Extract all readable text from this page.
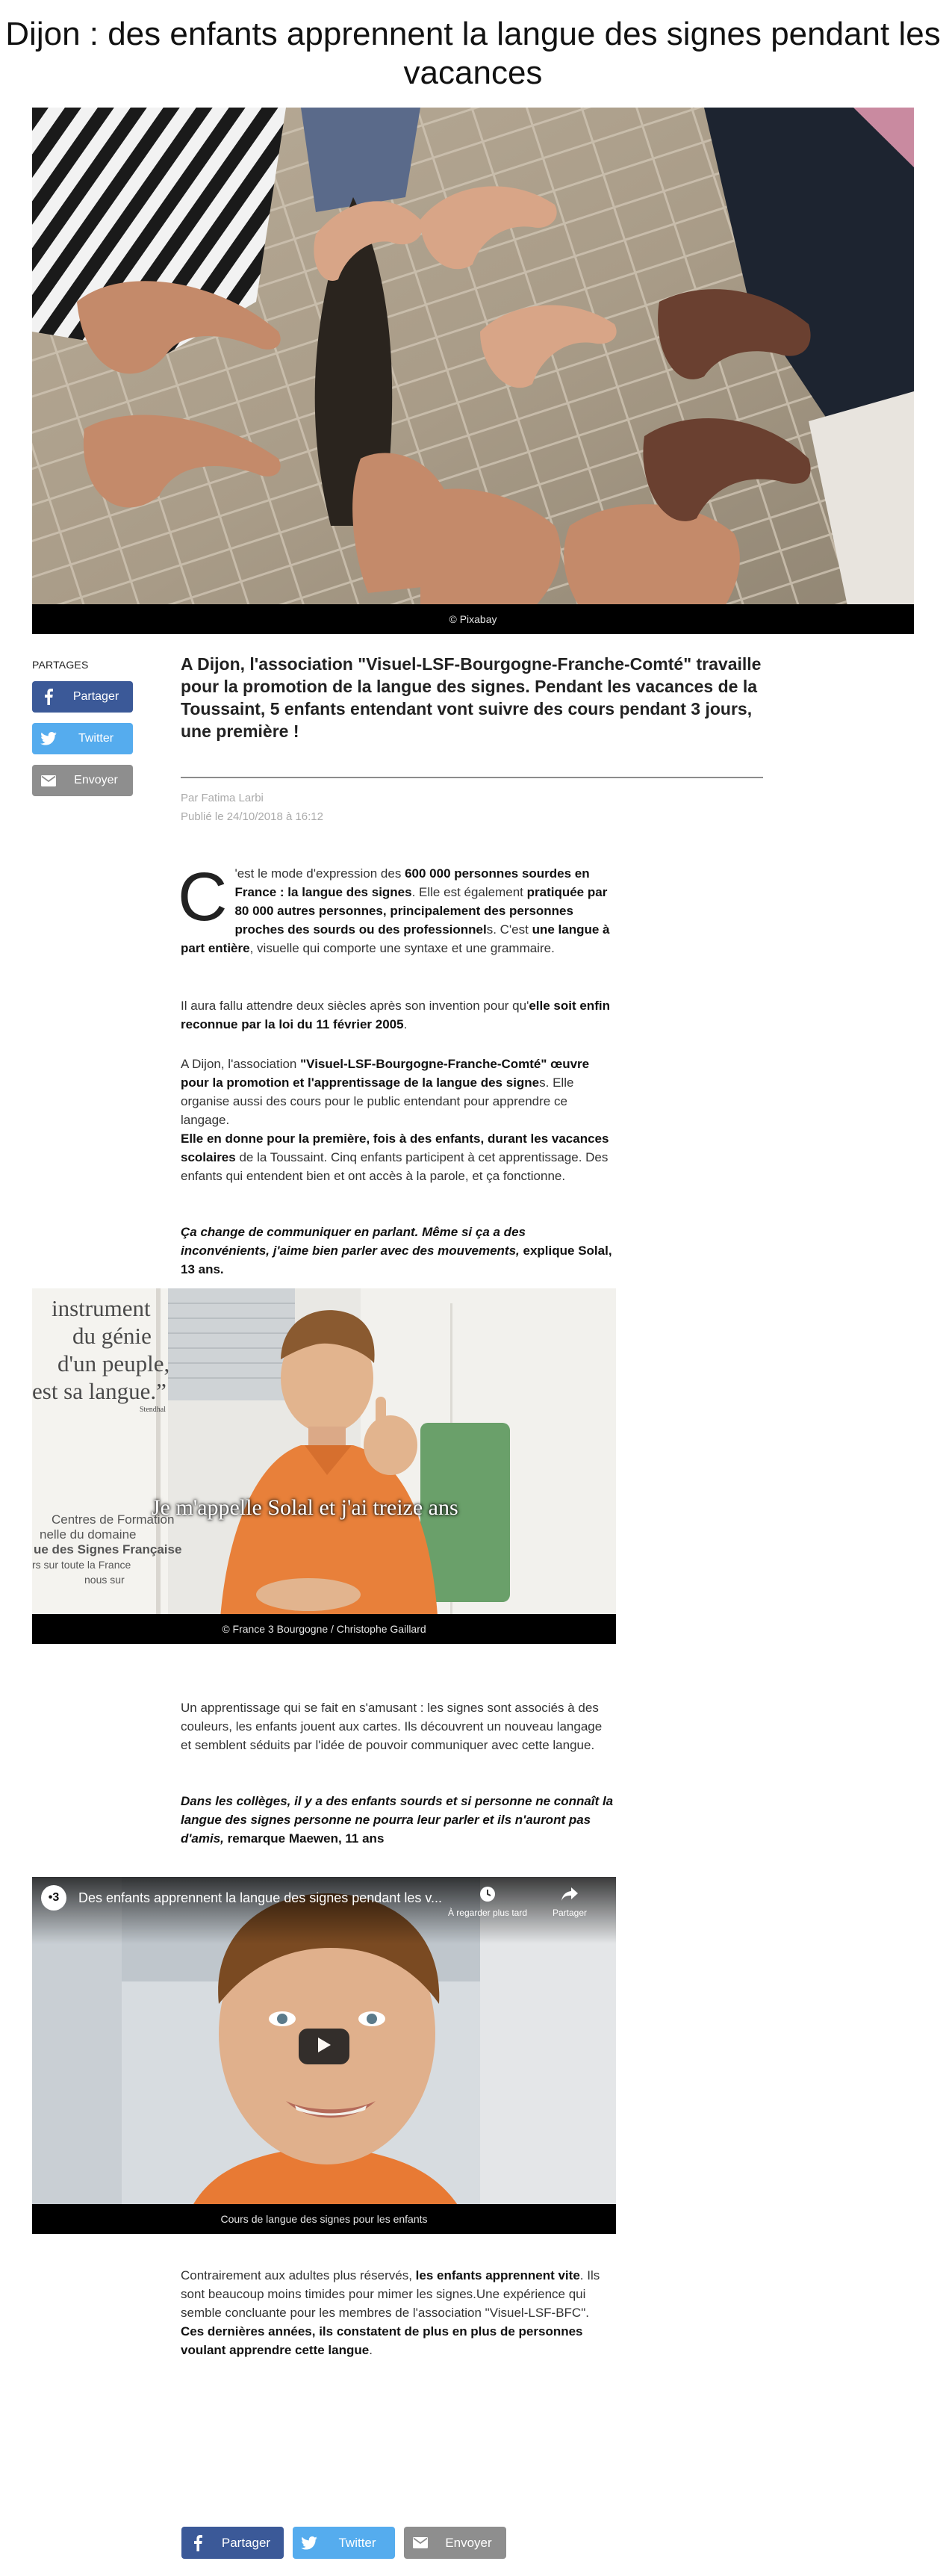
Dijon : des enfants apprennent la langue des signes pendant les vacances
© Pixabay
PARTAGES
Partager
Twitter
Envoyer

A Dijon, l'association "Visuel-LSF-Bourgogne-Franche-Comté" travaille pour la promotion de la langue des signes. Pendant les vacances de la Toussaint, 5 enfants entendant vont suivre des cours pendant 3 jours, une première !

Par Fatima Larbi
Publié le 24/10/2018 à 16:12

C 'est le mode d'expression des 600 000 personnes sourdes en France : la langue des signes. Elle est également pratiquée par 80 000 autres personnes, principalement des personnes proches des sourds ou des professionnels. C'est une langue à part entière, visuelle qui comporte une syntaxe et une grammaire.

Il aura fallu attendre deux siècles après son invention pour qu'elle soit enfin reconnue par la loi du 11 février 2005.

A Dijon, l'association "Visuel-LSF-Bourgogne-Franche-Comté" œuvre pour la promotion et l'apprentissage de la langue des signes. Elle organise aussi des cours pour le public entendant pour apprendre ce langage.

Elle en donne pour la première, fois à des enfants, durant les vacances scolaires de la Toussaint. Cinq enfants participent à cet apprentissage. Des enfants qui entendent bien et ont accès à la parole, et ça fonctionne.

Ça change de communiquer en parlant. Même si ça a des inconvénients, j'aime bien parler avec des mouvements, explique Solal, 13 ans.

instrument
du génie
d'un peuple,
est sa langue.”
Stendhal
Centres de Formation
nelle du domaine
ue des Signes Française
rs sur toute la France
nous sur
Je m'appelle Solal et j'ai treize ans
© France 3 Bourgogne / Christophe Gaillard

Un apprentissage qui se fait en s'amusant : les signes sont associés à des couleurs, les enfants jouent aux cartes. Ils découvrent un nouveau langage et semblent séduits par l'idée de pouvoir communiquer avec cette langue.

Dans les collèges, il y a des enfants sourds et si personne ne connaît la langue des signes personne ne pourra leur parler et ils n'auront pas d'amis, remarque Maewen, 11 ans

•3	Des enfants apprennent la langue des signes pendant les v...
À regarder plus tard	Partager
Cours de langue des signes pour les enfants

Contrairement aux adultes plus réservés, les enfants apprennent vite. Ils sont beaucoup moins timides pour mimer les signes.Une expérience qui semble concluante pour les membres de l'association "Visuel-LSF-BFC". Ces dernières années, ils constatent de plus en plus de personnes voulant apprendre cette langue.

Partager	Twitter	Envoyer
